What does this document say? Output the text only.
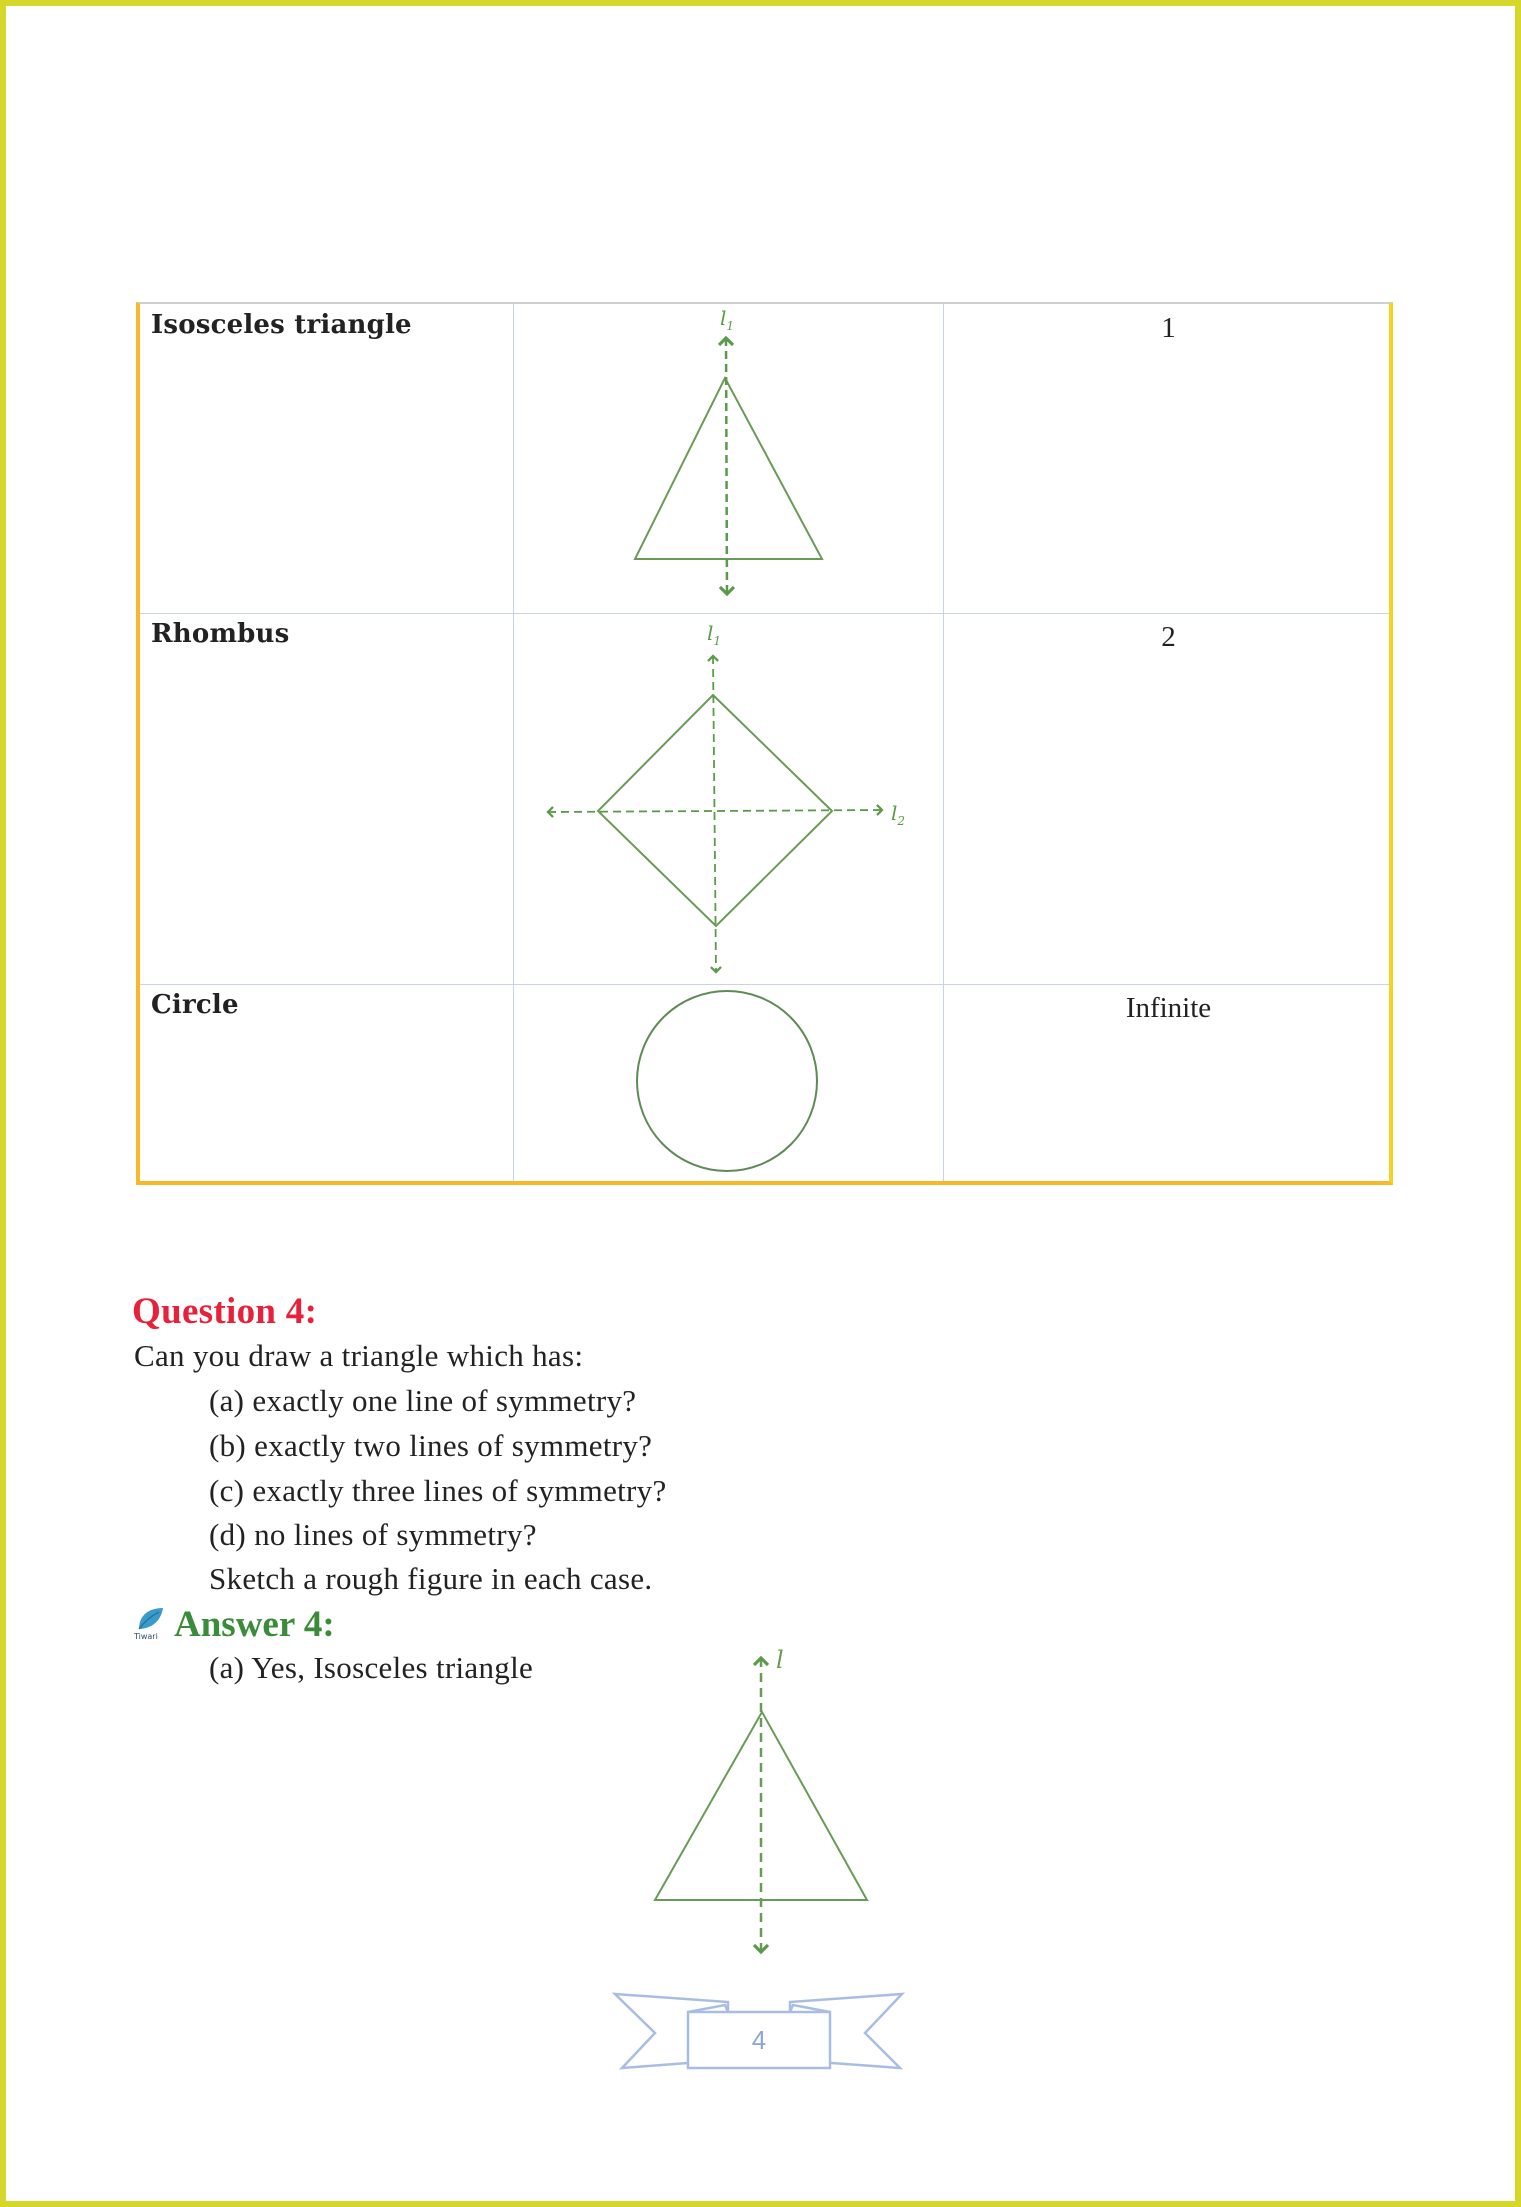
Isosceles triangle	1
Rhombus	2
Circle	Infinite
$l_1$
$l_1$
$l_2$
l
Question 4:
Can you draw a triangle which has:
(a) exactly one line of symmetry?
(b) exactly two lines of symmetry?
(c) exactly three lines of symmetry?
(d) no lines of symmetry?
Sketch a rough figure in each case.
Tiwari Answer 4:
(a) Yes, Isosceles triangle
4
